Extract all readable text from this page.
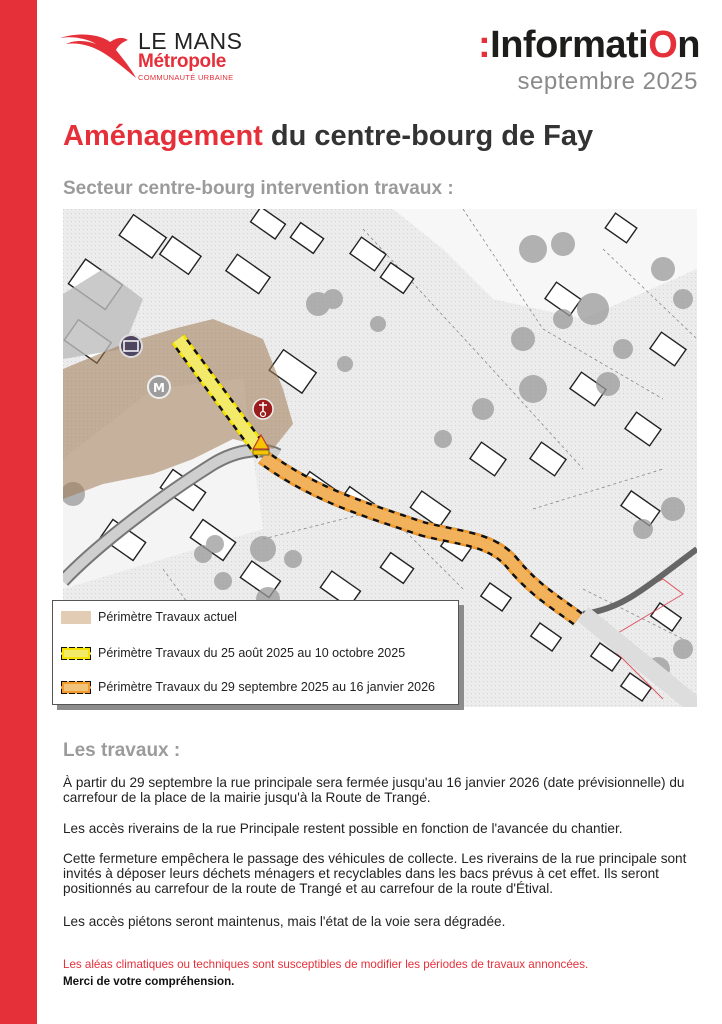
LE MANS
Métropole
COMMUNAUTÉ URBAINE
:InformatiOn
septembre 2025
Aménagement du centre-bourg de Fay
Secteur centre-bourg intervention travaux :
M
Périmètre Travaux actuel
Périmètre Travaux du 25 août 2025 au 10 octobre 2025
Périmètre Travaux du 29 septembre 2025 au 16 janvier 2026
Les travaux :

À partir du 29 septembre la rue principale sera fermée jusqu'au 16 janvier 2026 (date prévisionnelle) du carrefour de la place de la mairie jusqu'à la Route de Trangé.

Les accès riverains de la rue Principale restent possible en fonction de l'avancée du chantier.

Cette fermeture empêchera le passage des véhicules de collecte. Les riverains de la rue principale sont invités à déposer leurs déchets ménagers et recyclables dans les bacs prévus à cet effet. Ils seront positionnés au carrefour de la route de Trangé et au carrefour de la route d'Étival.

Les accès piétons seront maintenus, mais l'état de la voie sera dégradée.

Les aléas climatiques ou techniques sont susceptibles de modifier les périodes de travaux annoncées.
Merci de votre compréhension.
